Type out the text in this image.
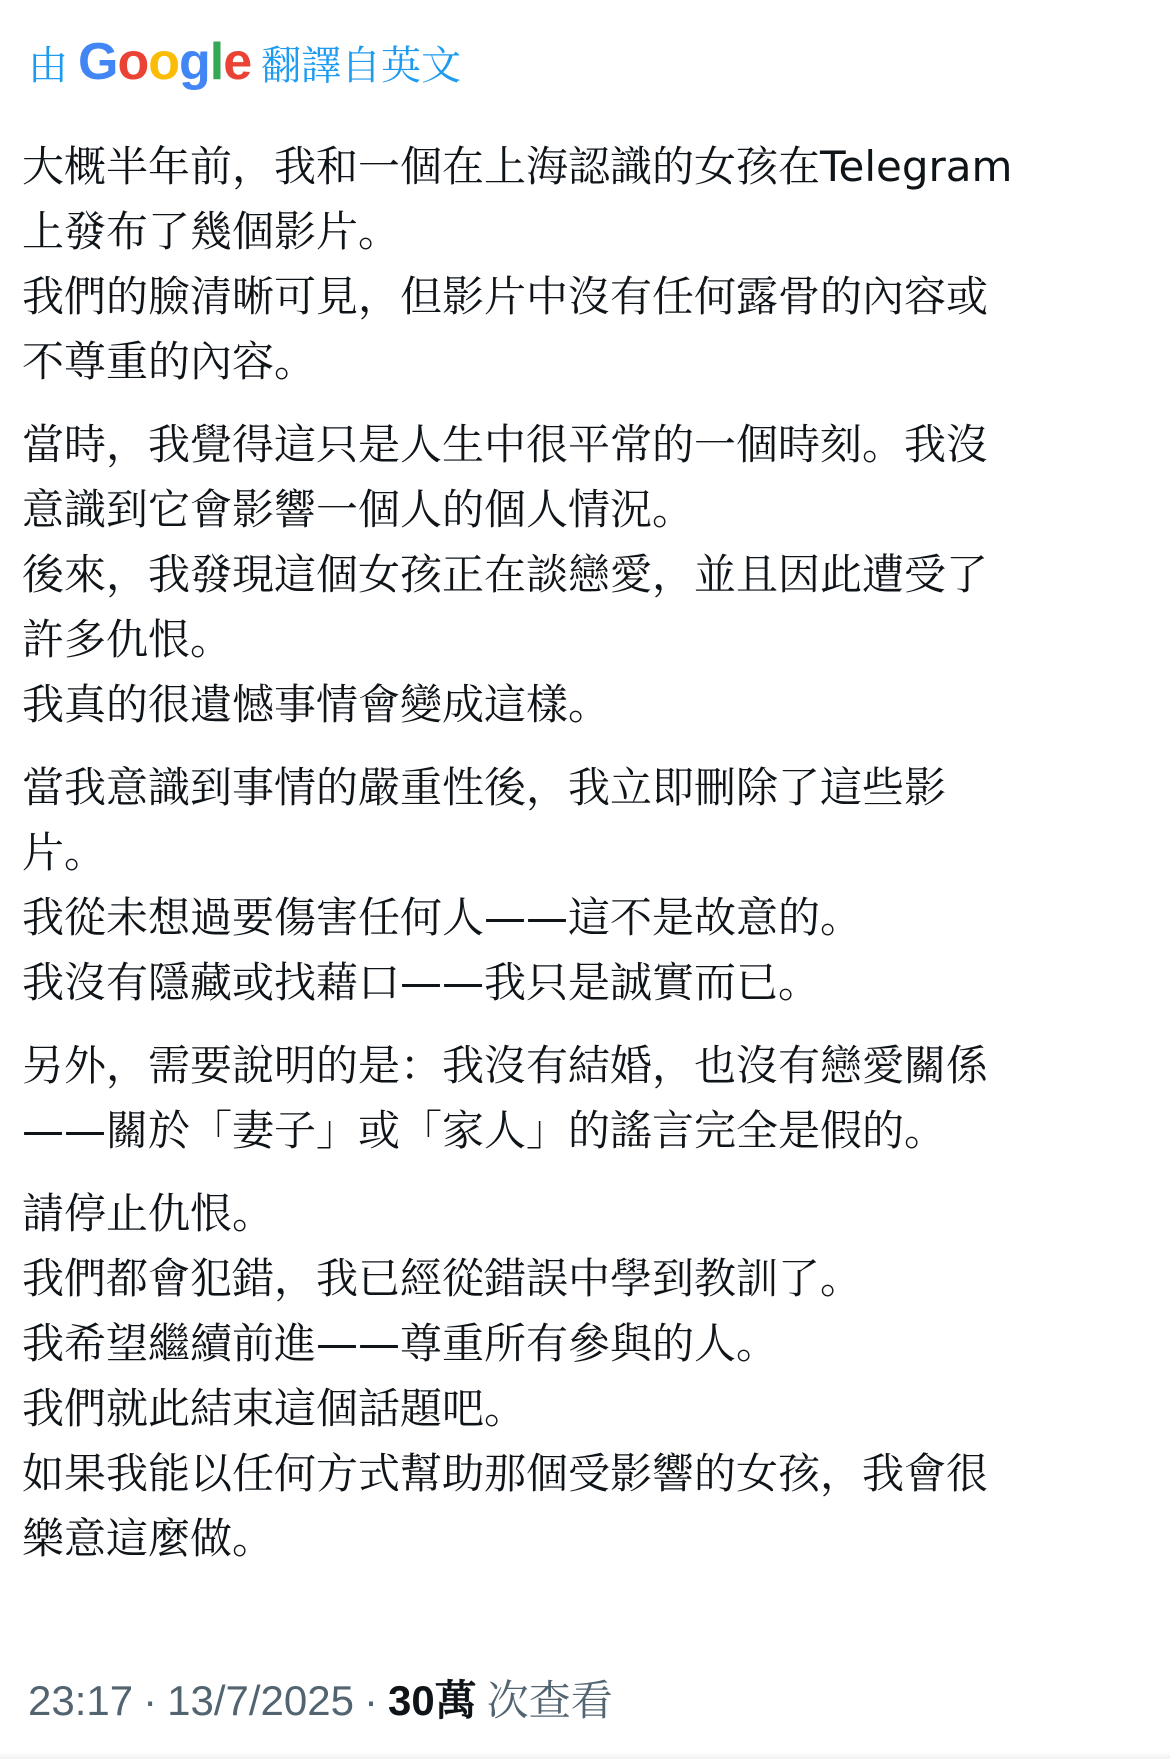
由 Google 翻譯自英文
大概半年前，我和一個在上海認識的女孩在Telegram
上發布了幾個影片。
我們的臉清晰可見，但影片中沒有任何露骨的內容或
不尊重的內容。
當時，我覺得這只是人生中很平常的一個時刻。我沒
意識到它會影響一個人的個人情況。
後來，我發現這個女孩正在談戀愛，並且因此遭受了
許多仇恨。
我真的很遺憾事情會變成這樣。
當我意識到事情的嚴重性後，我立即刪除了這些影
片。
我從未想過要傷害任何人——這不是故意的。
我沒有隱藏或找藉口——我只是誠實而已。
另外，需要說明的是：我沒有結婚，也沒有戀愛關係
——關於「妻子」或「家人」的謠言完全是假的。
請停止仇恨。
我們都會犯錯，我已經從錯誤中學到教訓了。
我希望繼續前進——尊重所有參與的人。
我們就此結束這個話題吧。
如果我能以任何方式幫助那個受影響的女孩，我會很
樂意這麼做。
23:17 · 13/7/2025 · 30萬 次查看
